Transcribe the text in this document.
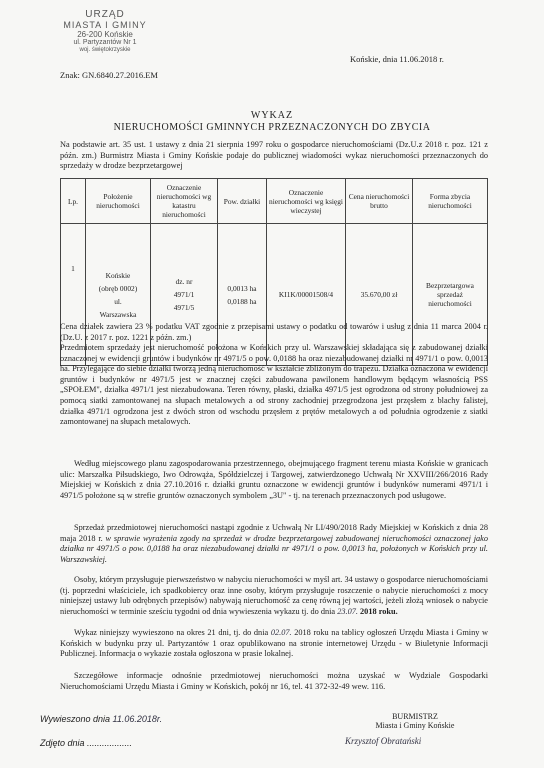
URZĄD
MIASTA I GMINY
26-200 Końskie
ul. Partyzantów Nr 1
woj. świętokrzyskie
Końskie, dnia 11.06.2018 r.
Znak: GN.6840.27.2016.EM
WYKAZ
NIERUCHOMOŚCI GMINNYCH PRZEZNACZONYCH DO ZBYCIA
Na podstawie art. 35 ust. 1 ustawy z dnia 21 sierpnia 1997 roku o gospodarce nieruchomościami (Dz.U.z 2018 r. poz. 121 z późn. zm.) Burmistrz Miasta i Gminy Końskie podaje do publicznej wiadomości wykaz nieruchomości przeznaczonych do sprzedaży w drodze bezprzetargowej
Lp.	Położenie nieruchomości	Oznaczenie nieruchomości wg katastru nieruchomości	Pow. działki	Oznaczenie nieruchomości wg księgi wieczystej	Cena nieruchomości brutto	Forma zbycia nieruchomości
1	Końskie
(obręb 0002)
ul.
Warszawska	dz. nr
4971/1
4971/5	0,0013 ha
0,0188 ha	KI1K/00001508/4	35.670,00 zł	Bezprzetargowa sprzedaż nieruchomości
Cena działek zawiera 23 % podatku VAT zgodnie z przepisami ustawy o podatku od towarów i usług z dnia 11 marca 2004 r. (Dz.U. z 2017 r. poz. 1221 z późn. zm.)
Przedmiotem sprzedaży jest nieruchomość położona w Końskich przy ul. Warszawskiej składająca się z zabudowanej działki oznaczonej w ewidencji gruntów i budynków nr 4971/5 o pow. 0,0188 ha oraz niezabudowanej działki nr 4971/1 o pow. 0,0013 ha. Przylegające do siebie działki tworzą jedną nieruchomość w kształcie zbliżonym do trapezu. Działka oznaczona w ewidencji gruntów i budynków nr 4971/5 jest w znacznej części zabudowana pawilonem handlowym będącym własnością PSS „SPOŁEM", działka 4971/1 jest niezabudowana. Teren równy, płaski, działka 4971/5 jest ogrodzona od strony południowej za pomocą siatki zamontowanej na słupach metalowych a od strony zachodniej przegrodzona jest przęsłem z blachy falistej, działka 4971/1 ogrodzona jest z dwóch stron od wschodu przęsłem z prętów metalowych a od południa ogrodzenie z siatki zamontowanej na słupach metalowych.
Według miejscowego planu zagospodarowania przestrzennego, obejmującego fragment terenu miasta Końskie w granicach ulic: Marszałka Piłsudskiego, Iwo Odrowąża, Spółdzielczej i Targowej, zatwierdzonego Uchwałą Nr XXVIII/266/2016 Rady Miejskiej w Końskich z dnia 27.10.2016 r. działki gruntu oznaczone w ewidencji gruntów i budynków numerami 4971/1 i 4971/5 położone są w strefie gruntów oznaczonych symbolem „3U" - tj. na terenach przeznaczonych pod usługowe.
Sprzedaż przedmiotowej nieruchomości nastąpi zgodnie z Uchwałą Nr LI/490/2018 Rady Miejskiej w Końskich z dnia 28 maja 2018 r. w sprawie wyrażenia zgody na sprzedaż w drodze bezprzetargowej zabudowanej nieruchomości oznaczonej jako działka nr 4971/5 o pow. 0,0188 ha oraz niezabudowanej działki nr 4971/1 o pow. 0,0013 ha, położonych w Końskich przy ul. Warszawskiej.
Osoby, którym przysługuje pierwszeństwo w nabyciu nieruchomości w myśl art. 34 ustawy o gospodarce nieruchomościami (tj. poprzedni właściciele, ich spadkobiercy oraz inne osoby, którym przysługuje roszczenie o nabycie nieruchomości z mocy niniejszej ustawy lub odrębnych przepisów) nabywają nieruchomość za cenę równą jej wartości, jeżeli złożą wniosek o nabycie nieruchomości w terminie sześciu tygodni od dnia wywieszenia wykazu tj. do dnia 23.07. 2018 roku.
Wykaz niniejszy wywieszono na okres 21 dni, tj. do dnia 02.07. 2018 roku na tablicy ogłoszeń Urzędu Miasta i Gminy w Końskich w budynku przy ul. Partyzantów 1 oraz opublikowano na stronie internetowej Urzędu - w Biuletynie Informacji Publicznej. Informacja o wykazie została ogłoszona w prasie lokalnej.
Szczegółowe informacje odnośnie przedmiotowej nieruchomości można uzyskać w Wydziale Gospodarki Nieruchomościami Urzędu Miasta i Gminy w Końskich, pokój nr 16, tel. 41 372-32-49 wew. 116.
Wywieszono dnia 11.06.2018r.
Zdjęto dnia ..................
BURMISTRZ
Miasta i Gminy Końskie
Krzysztof Obratański
